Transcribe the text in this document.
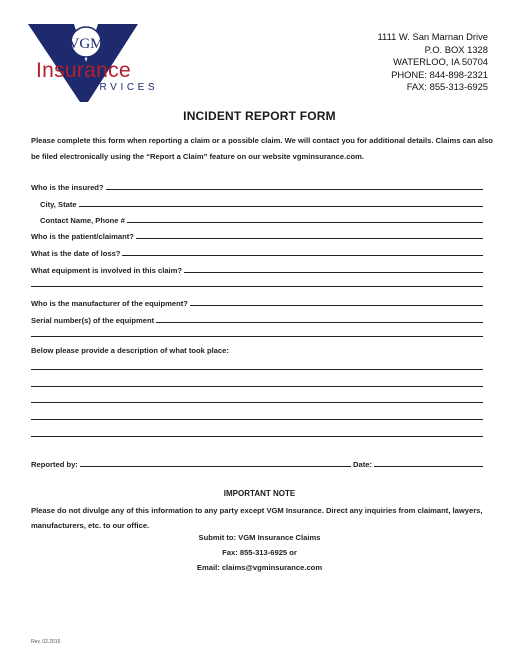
VGM
Insurance
SERVICES
1111 W. San Marnan Drive
P.O. BOX 1328
WATERLOO, IA 50704
PHONE: 844-898-2321
FAX: 855-313-6925
INCIDENT REPORT FORM
Please complete this form when reporting a claim or a possible claim. We will contact you for additional details. Claims can also be filed electronically using the “Report a Claim” feature on our website vgminsurance.com.
Who is the insured?
City, State
Contact Name, Phone #
Who is the patient/claimant?
What is the date of loss?
What equipment is involved in this claim?
Who is the manufacturer of the equipment?
Serial number(s) of the equipment
Below please provide a description of what took place:
Reported by:	Date:
IMPORTANT NOTE
Please do not divulge any of this information to any party except VGM Insurance. Direct any inquiries from claimant, lawyers, manufacturers, etc. to our office.
Submit to: VGM Insurance Claims
Fax: 855-313-6925 or
Email: claims@vgminsurance.com
Rev. 02.2016
